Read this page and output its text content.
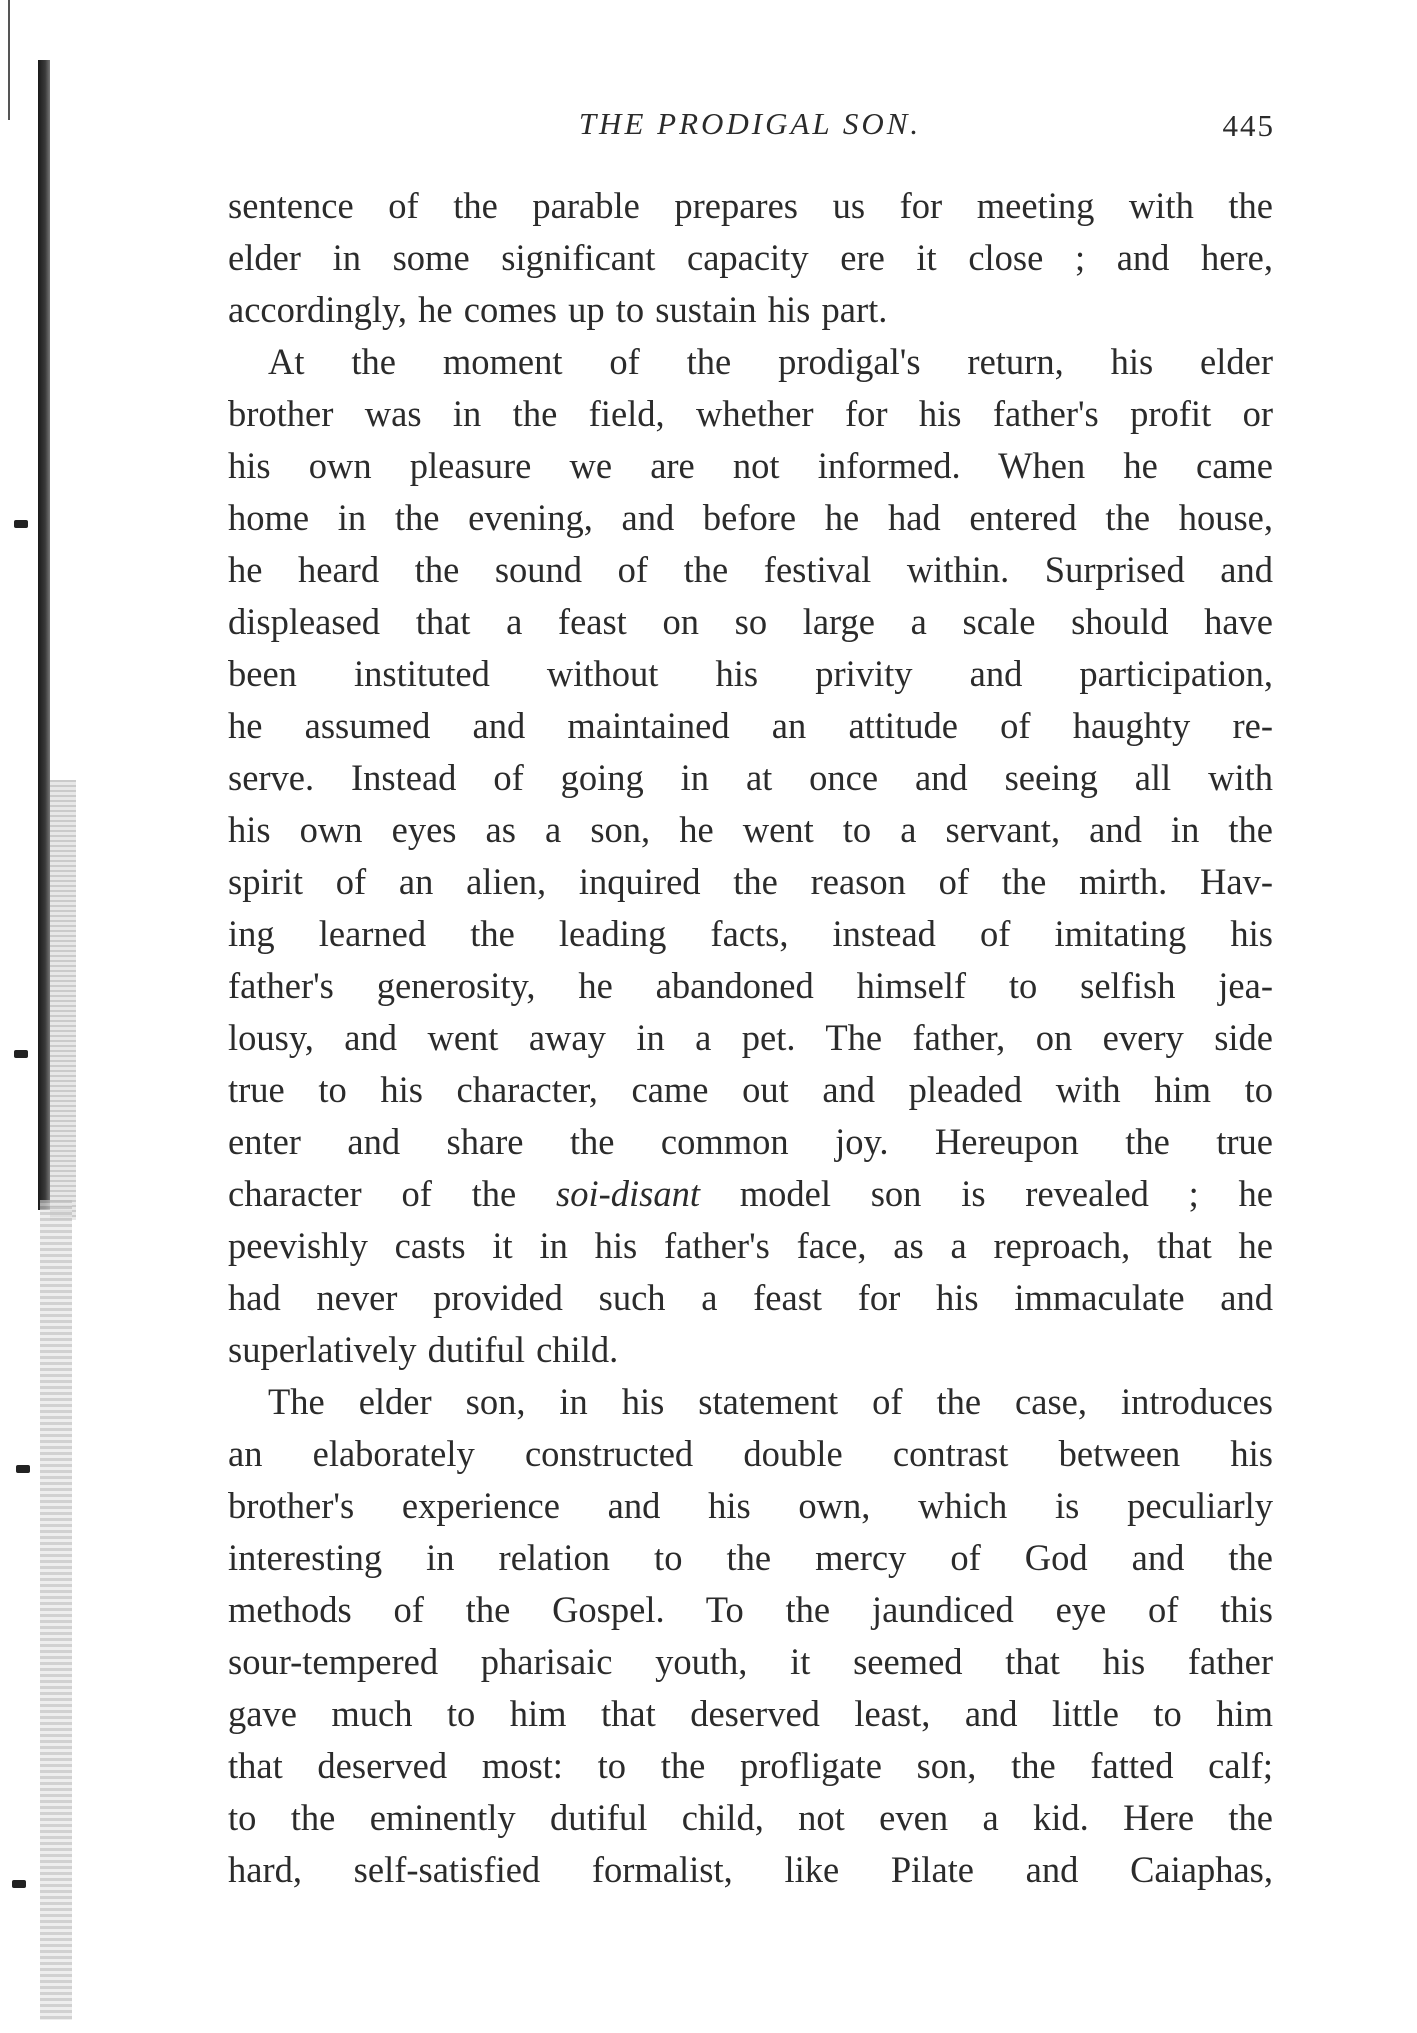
THE PRODIGAL SON.	445
sentence of the parable prepares us for meeting with the
elder in some significant capacity ere it close ; and here,
accordingly, he comes up to sustain his part.
At the moment of the prodigal's return, his elder
brother was in the field, whether for his father's profit or
his own pleasure we are not informed. When he came
home in the evening, and before he had entered the house,
he heard the sound of the festival within. Surprised and
displeased that a feast on so large a scale should have
been instituted without his privity and participation,
he assumed and maintained an attitude of haughty re-
serve. Instead of going in at once and seeing all with
his own eyes as a son, he went to a servant, and in the
spirit of an alien, inquired the reason of the mirth. Hav-
ing learned the leading facts, instead of imitating his
father's generosity, he abandoned himself to selfish jea-
lousy, and went away in a pet. The father, on every side
true to his character, came out and pleaded with him to
enter and share the common joy. Hereupon the true
character of the soi-disant model son is revealed ; he
peevishly casts it in his father's face, as a reproach, that he
had never provided such a feast for his immaculate and
superlatively dutiful child.
The elder son, in his statement of the case, introduces
an elaborately constructed double contrast between his
brother's experience and his own, which is peculiarly
interesting in relation to the mercy of God and the
methods of the Gospel. To the jaundiced eye of this
sour-tempered pharisaic youth, it seemed that his father
gave much to him that deserved least, and little to him
that deserved most: to the profligate son, the fatted calf;
to the eminently dutiful child, not even a kid. Here the
hard, self-satisfied formalist, like Pilate and Caiaphas,
